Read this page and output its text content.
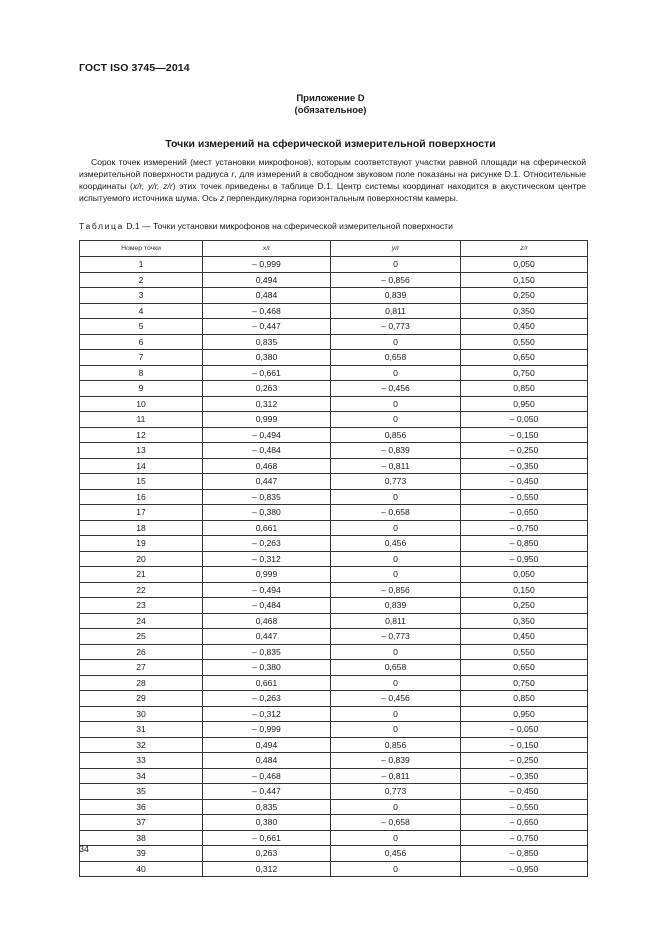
ГОСТ ISO 3745—2014
Приложение D
(обязательное)
Точки измерений на сферической измерительной поверхности
Сорок точек измерений (мест установки микрофонов), которым соответствуют участки равной площади на сферической измерительной поверхности радиуса r, для измерений в свободном звуковом поле показаны на рисунке D.1. Относительные координаты (x/r, y/r, z/r) этих точек приведены в таблице D.1. Центр системы координат находится в акустическом центре испытуемого источника шума. Ось z перпендикулярна горизонтальным поверхностям камеры.
Таблица D.1 — Точки установки микрофонов на сферической измерительной поверхности
Номер точки	x/r	y/r	z/r
1	– 0,999	0	0,050
2	0,494	– 0,856	0,150
3	0,484	0,839	0,250
4	– 0,468	0,811	0,350
5	– 0,447	– 0,773	0,450
6	0,835	0	0,550
7	0,380	0,658	0,650
8	– 0,661	0	0,750
9	0,263	– 0,456	0,850
10	0,312	0	0,950
11	0,999	0	– 0,050
12	– 0,494	0,856	– 0,150
13	– 0,484	– 0,839	– 0,250
14	0,468	– 0,811	– 0,350
15	0,447	0,773	– 0,450
16	– 0,835	0	– 0,550
17	– 0,380	– 0,658	– 0,650
18	0,661	0	– 0,750
19	– 0,263	0,456	– 0,850
20	– 0,312	0	– 0,950
21	0,999	0	0,050
22	– 0,494	– 0,856	0,150
23	– 0,484	0,839	0,250
24	0,468	0,811	0,350
25	0,447	– 0,773	0,450
26	– 0,835	0	0,550
27	– 0,380	0,658	0,650
28	0,661	0	0,750
29	– 0,263	– 0,456	0,850
30	– 0,312	0	0,950
31	– 0,999	0	– 0,050
32	0,494	0,856	– 0,150
33	0,484	– 0,839	– 0,250
34	– 0,468	– 0,811	– 0,350
35	– 0,447	0,773	– 0,450
36	0,835	0	– 0,550
37	0,380	– 0,658	– 0,650
38	– 0,661	0	– 0,750
39	0,263	0,456	– 0,850
40	0,312	0	– 0,950
34
